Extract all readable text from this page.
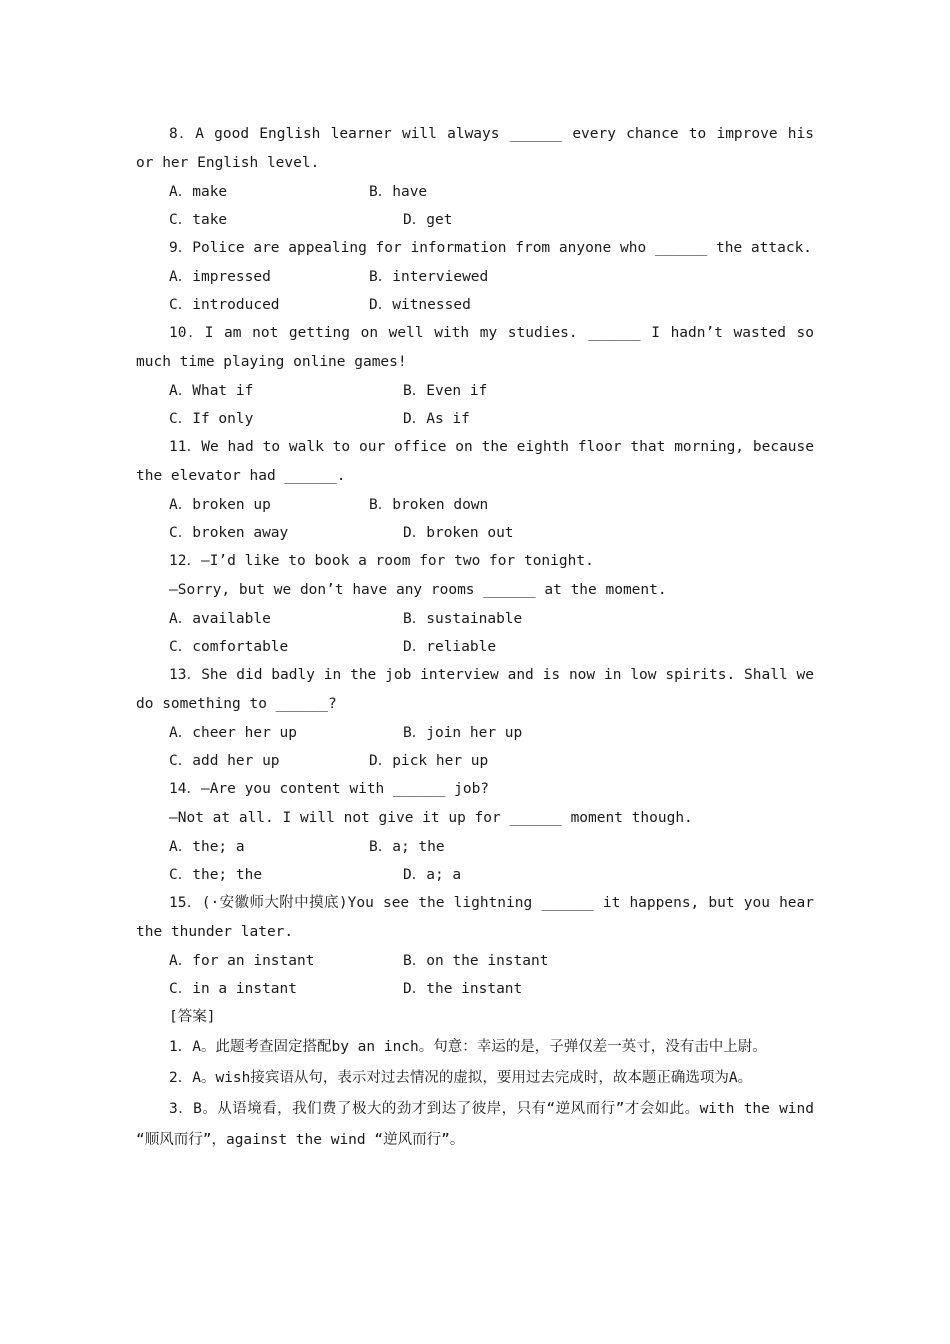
8．A good English learner will always ______ every chance to improve his or her English level.

A．make	B．have
C．take	D．get

9．Police are appealing for information from anyone who ______ the attack.

A．impressed	B．interviewed
C．introduced	D．witnessed

10．I am not getting on well with my studies. ______ I hadn’t wasted so much time playing online games!

A．What if	B．Even if
C．If only	D．As if

11．We had to walk to our office on the eighth floor that morning, because the elevator had ______.

A．broken up	B．broken down
C．broken away	D．broken out

12．—I’d like to book a room for two for tonight.

—Sorry, but we don’t have any rooms ______ at the moment.

A．available	B．sustainable
C．comfortable	D．reliable

13．She did badly in the job interview and is now in low spirits. Shall we do something to ______?

A．cheer her up	B．join her up
C．add her up	D．pick her up

14．—Are you content with ______ job?

—Not at all. I will not give it up for ______ moment though.

A．the; a	B．a; the
C．the; the	D．a; a

15．(·安徽师大附中摸底)You see the lightning ______ it happens, but you hear the thunder later.

A．for an instant	B．on the instant
C．in a instant	D．the instant

[答案]

1．A。此题考查固定搭配by an inch。句意：幸运的是，子弹仅差一英寸，没有击中上尉。

2．A。wish接宾语从句，表示对过去情况的虚拟，要用过去完成时，故本题正确选项为A。

3．B。从语境看，我们费了极大的劲才到达了彼岸，只有“逆风而行”才会如此。with the wind “顺风而行”，against the wind “逆风而行”。
